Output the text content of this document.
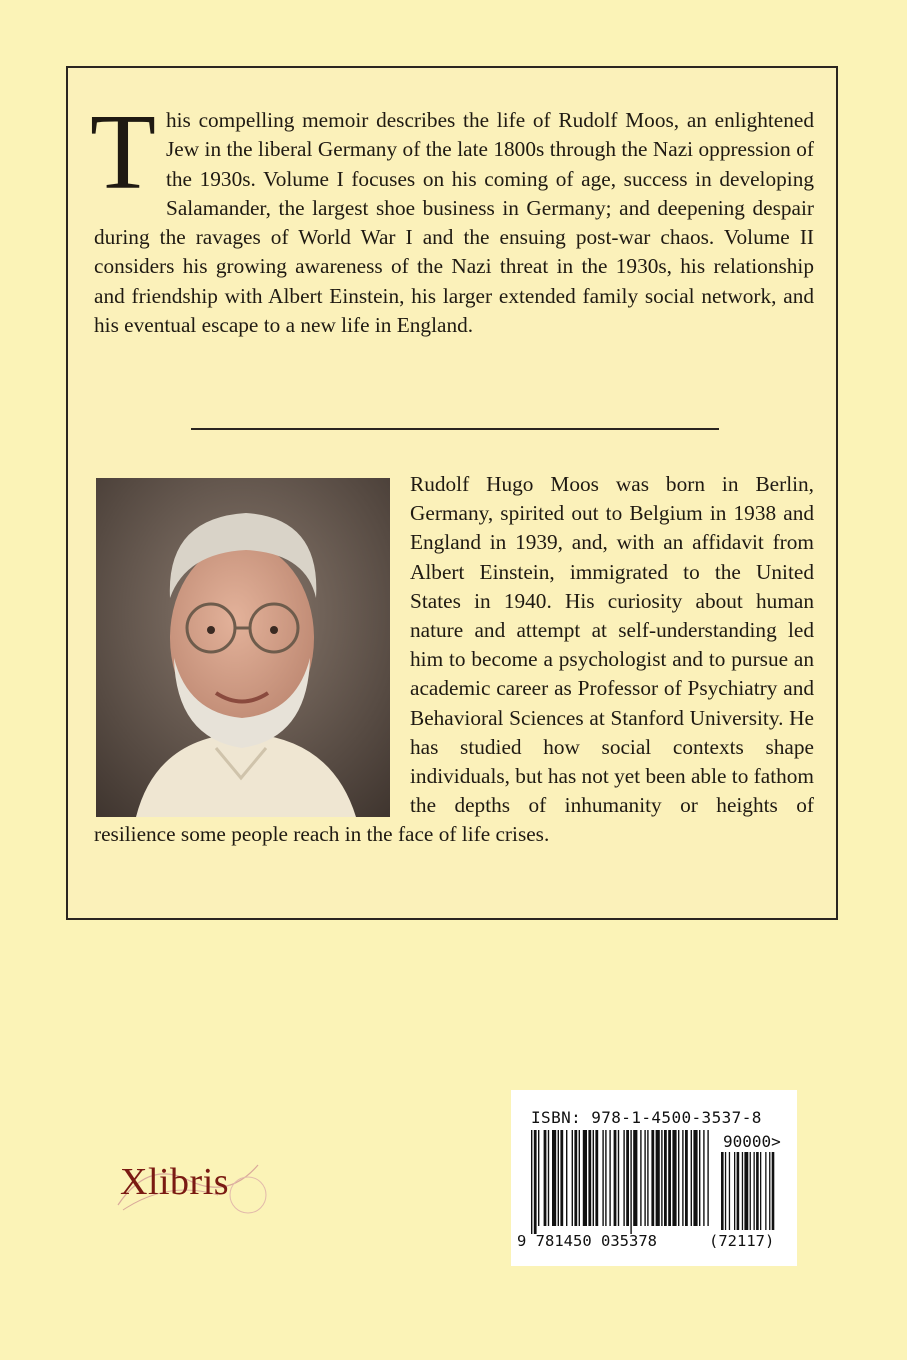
This compelling memoir describes the life of Rudolf Moos, an enlightened Jew in the liberal Germany of the late 1800s through the Nazi oppression of the 1930s. Volume I focuses on his coming of age, success in developing Salamander, the largest shoe business in Germany; and deepening despair during the ravages of World War I and the ensuing post-war chaos. Volume II considers his growing awareness of the Nazi threat in the 1930s, his relationship and friendship with Albert Einstein, his larger extended family social network, and his eventual escape to a new life in England.

Rudolf Hugo Moos was born in Berlin, Germany, spirited out to Belgium in 1938 and England in 1939, and, with an affidavit from Albert Einstein, immigrated to the United States in 1940. His curiosity about human nature and attempt at self-understanding led him to become a psychologist and to pursue an academic career as Professor of Psychiatry and Behavioral Sciences at Stanford University. He has studied how social contexts shape individuals, but has not yet been able to fathom the depths of inhumanity or heights of resilience some people reach in the face of life crises.

Xlibris
ISBN: 978-1-4500-3537-8
90000>
9 781450 035378	(72117)
